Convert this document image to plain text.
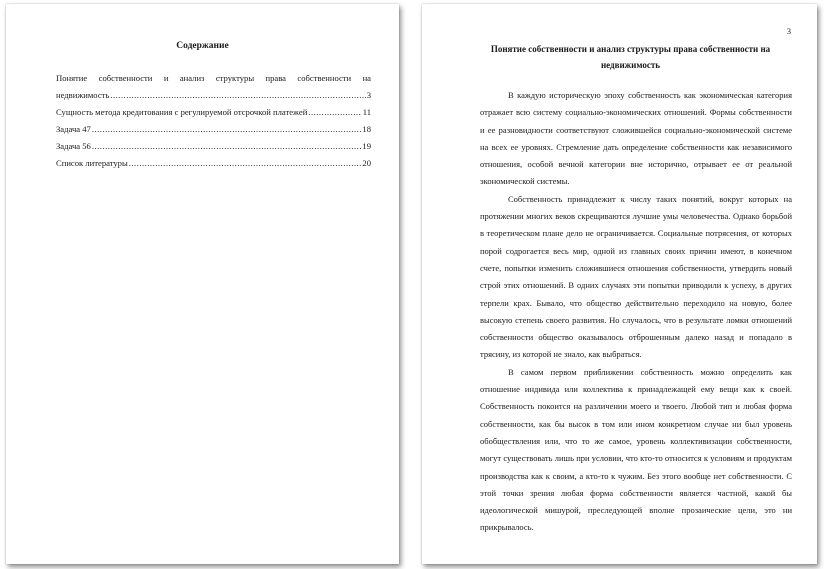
Содержание
Понятие собственности и анализ структуры права собственности на
недвижимость .....	3
Сущность метода кредитования с регулируемой отсрочкой платежей .....	11
Задача 47 .....	18
Задача 56 .....	19
Список литературы .....	20
3
Понятие собственности и анализ структуры права собственности на недвижимость

В каждую историческую эпоху собственность как экономическая категория отражает всю систему социально-экономических отношений. Формы собственности и ее разновидности соответствуют сложившейся социально-экономической системе на всех ее уровнях. Стремление дать определение собственности как независимого отношения, особой вечной категории вне исторично, отрывает ее от реальной экономической системы.

Собственность принадлежит к числу таких понятий, вокруг которых на протяжении многих веков скрещиваются лучшие умы человечества. Однако борьбой в теоретическом плане дело не ограничивается. Социальные потрясения, от которых порой содрогается весь мир, одной из главных своих причин имеют, в конечном счете, попытки изменить сложившиеся отношения собственности, утвердить новый строй этих отношений. В одних случаях эти попытки приводили к успеху, в других терпели крах. Бывало, что общество действительно переходило на новую, более высокую степень своего развития. Но случалось, что в результате ломки отношений собственности общество оказывалось отброшенным далеко назад и попадало в трясину, из которой не знало, как выбраться.

В самом первом приближении собственность можно определить как отношение индивида или коллектива к принадлежащей ему вещи как к своей. Собственность покоится на различении моего и твоего. Любой тип и любая форма собственности, как бы высок в том или ином конкретном случае ни был уровень обобществления или, что то же самое, уровень коллективизации собственности, могут существовать лишь при условии, что кто-то относится к условиям и продуктам производства как к своим, а кто-то к чужим. Без этого вообще нет собственности. С этой точки зрения любая форма собственности является частной, какой бы идеологической мишурой, преследующей вполне прозаические цели, это ни прикрывалось.
